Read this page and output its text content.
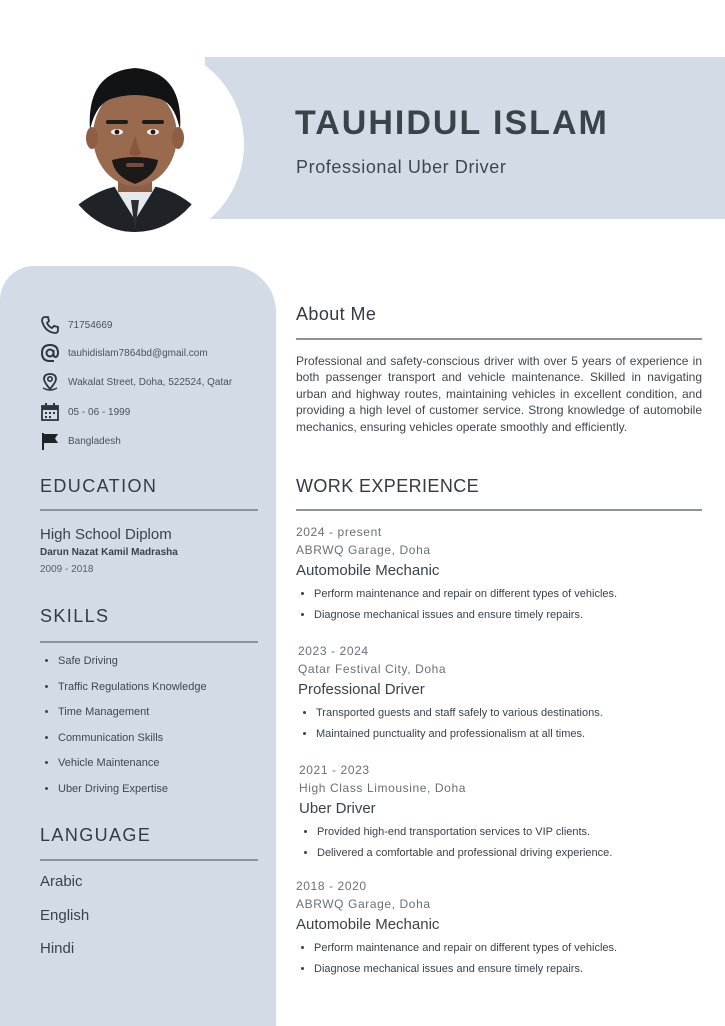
TAUHIDUL ISLAM
Professional Uber Driver
71754669
tauhidislam7864bd@gmail.com
Wakalat Street, Doha, 522524, Qatar
05 - 06 - 1999
Bangladesh
EDUCATION
High School Diplom
Darun Nazat Kamil Madrasha
2009 - 2018
SKILLS
• Safe Driving
• Traffic Regulations Knowledge
• Time Management
• Communication Skills
• Vehicle Maintenance
• Uber Driving Expertise
LANGUAGE
Arabic
English
Hindi
About Me

Professional and safety-conscious driver with over 5 years of experience in both passenger transport and vehicle maintenance. Skilled in navigating urban and highway routes, maintaining vehicles in excellent condition, and providing a high level of customer service. Strong knowledge of automobile mechanics, ensuring vehicles operate smoothly and efficiently.

WORK EXPERIENCE
2024 - present
ABRWQ Garage, Doha
Automobile Mechanic
• Perform maintenance and repair on different types of vehicles.
• Diagnose mechanical issues and ensure timely repairs.
2023 - 2024
Qatar Festival City, Doha
Professional Driver
• Transported guests and staff safely to various destinations.
• Maintained punctuality and professionalism at all times.
2021 - 2023
High Class Limousine, Doha
Uber Driver
• Provided high-end transportation services to VIP clients.
• Delivered a comfortable and professional driving experience.
2018 - 2020
ABRWQ Garage, Doha
Automobile Mechanic
• Perform maintenance and repair on different types of vehicles.
• Diagnose mechanical issues and ensure timely repairs.
